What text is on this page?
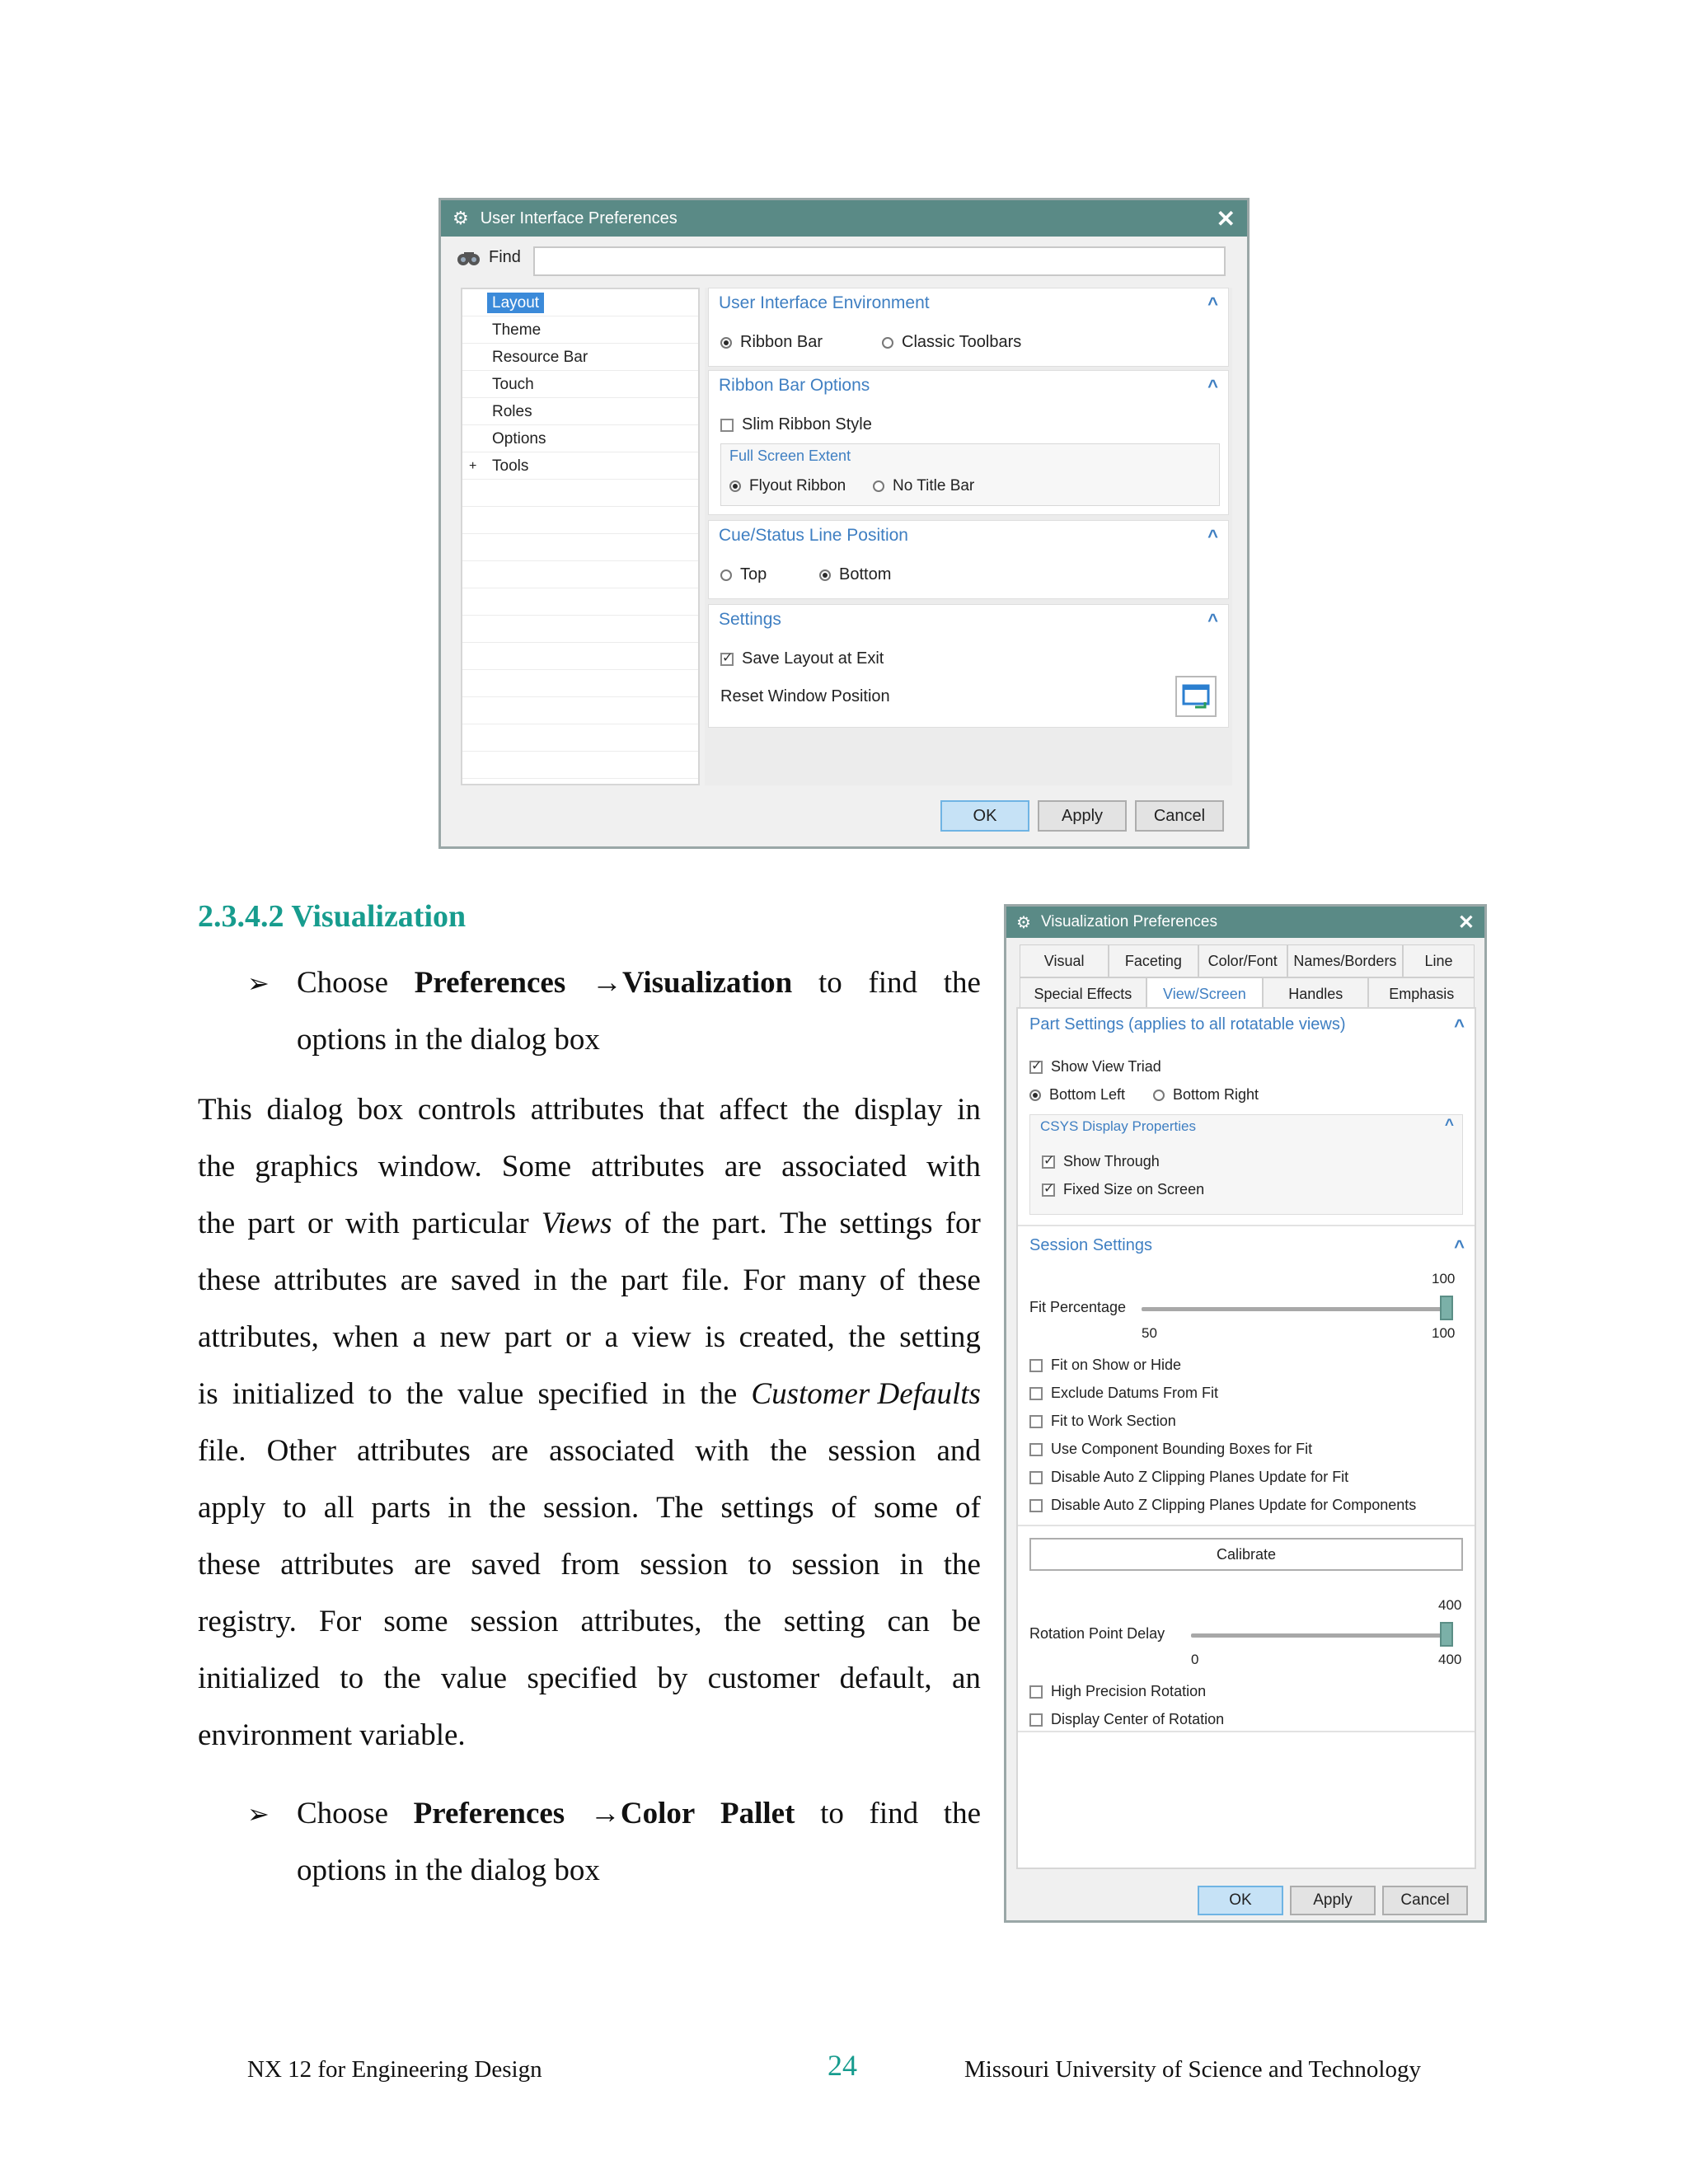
⚙ User Interface Preferences	✕
Find
Layout
Theme
Resource Bar
Touch
Roles
Options
+ Tools
User Interface Environment	^
Ribbon Bar	Classic Toolbars
Ribbon Bar Options	^
Slim Ribbon Style
Full Screen Extent
Flyout Ribbon	No Title Bar
Cue/Status Line Position	^
Top	Bottom
Settings	^
✓
Save Layout at Exit
Reset Window Position
OK	Apply	Cancel
2.3.4.2 Visualization
➢ Choose Preferences →Visualization to find the
options in the dialog box
This dialog box controls attributes that affect the display in
the graphics window. Some attributes are associated with
the part or with particular Views of the part. The settings for
these attributes are saved in the part file. For many of these
attributes, when a new part or a view is created, the setting
is initialized to the value specified in the Customer Defaults
file. Other attributes are associated with the session and
apply to all parts in the session. The settings of some of
these attributes are saved from session to session in the
registry. For some session attributes, the setting can be
initialized to the value specified by customer default, an
environment variable.
➢ Choose Preferences →Color Pallet to find the
options in the dialog box
⚙ Visualization Preferences	✕
Visual	Faceting	Color/Font	Names/Borders	Line
Special Effects	View/Screen	Handles	Emphasis
Part Settings (applies to all rotatable views)	^
✓
Show View Triad
Bottom Left	Bottom Right
CSYS Display Properties	^
✓
Show Through
✓
Fixed Size on Screen
Session Settings	^
100
Fit Percentage
50	100
Fit on Show or Hide
Exclude Datums From Fit
Fit to Work Section
Use Component Bounding Boxes for Fit
Disable Auto Z Clipping Planes Update for Fit
Disable Auto Z Clipping Planes Update for Components
Calibrate
400
Rotation Point Delay
0	400
High Precision Rotation
Display Center of Rotation
OK	Apply	Cancel
NX 12 for Engineering Design	24	Missouri University of Science and Technology
